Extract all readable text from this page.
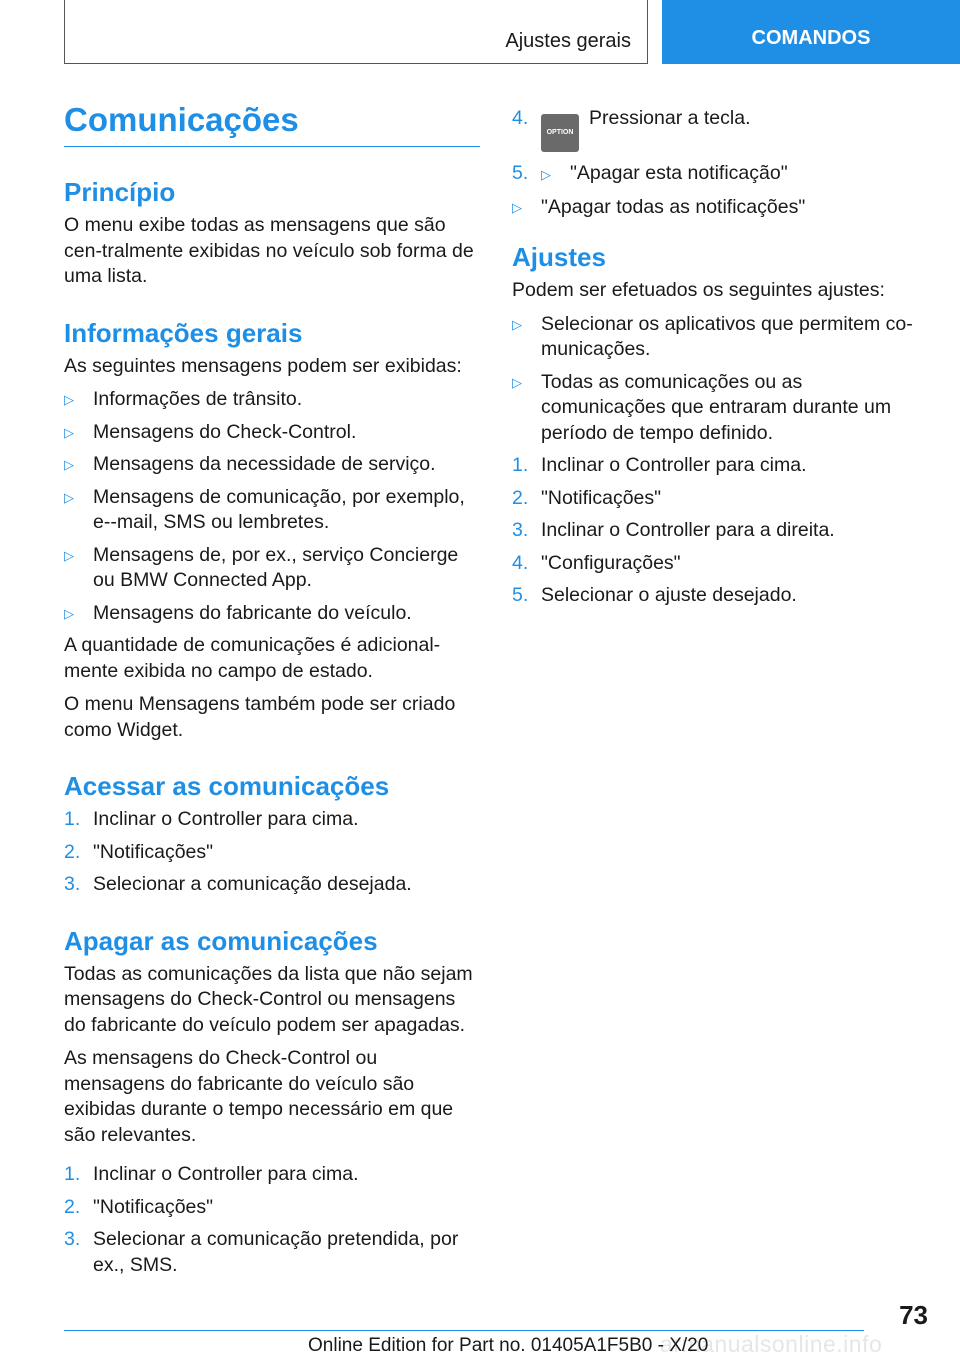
Ajustes gerais	COMANDOS
Comunicações
Princípio

O menu exibe todas as mensagens que são cen-tralmente exibidas no veículo sob forma de uma lista.

Informações gerais

As seguintes mensagens podem ser exibidas:

▷ Informações de trânsito.
▷ Mensagens do Check-Control.
▷ Mensagens da necessidade de serviço.
▷ Mensagens de comunicação, por exemplo, e--mail, SMS ou lembretes.
▷ Mensagens de, por ex., serviço Concierge ou BMW Connected App.
▷ Mensagens do fabricante do veículo.

A quantidade de comunicações é adicional-mente exibida no campo de estado.

O menu Mensagens também pode ser criado como Widget.

Acessar as comunicações
1. Inclinar o Controller para cima.
2. "Notificações"
3. Selecionar a comunicação desejada.
Apagar as comunicações

Todas as comunicações da lista que não sejam mensagens do Check-Control ou mensagens do fabricante do veículo podem ser apagadas.

As mensagens do Check-Control ou mensagens do fabricante do veículo são exibidas durante o tempo necessário em que são relevantes.

1. Inclinar o Controller para cima.
2. "Notificações"
3. Selecionar a comunicação pretendida, por ex., SMS.
4.
OPTIONPressionar a tecla.
5. ▷ "Apagar esta notificação"
▷ "Apagar todas as notificações"
Ajustes

Podem ser efetuados os seguintes ajustes:

▷ Selecionar os aplicativos que permitem co-municações.
▷ Todas as comunicações ou as comunicações que entraram durante um período de tempo definido.
1. Inclinar o Controller para cima.
2. "Notificações"
3. Inclinar o Controller para a direita.
4. "Configurações"
5. Selecionar o ajuste desejado.
73
armanualsonline.info
Online Edition for Part no. 01405A1F5B0 - X/20
